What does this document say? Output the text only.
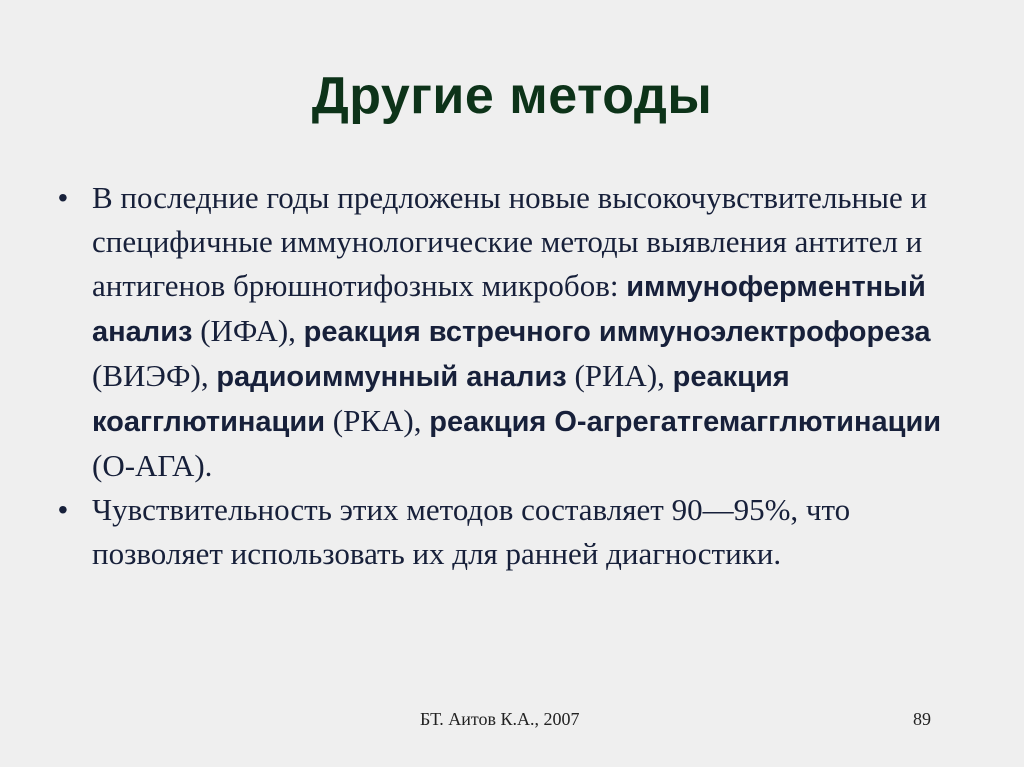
Другие методы
• В последние годы предложены новые высокочувствительные и специфичные иммунологические методы выявления антител и антигенов брюшнотифозных микробов: иммуноферментный анализ (ИФА), реакция встречного иммуноэлектрофореза (ВИЭФ), радиоиммунный анализ (РИА), реакция коагглютинации (РКА), реакция О-агрегатгемагглютинации (О-АГА).
• Чувствительность этих методов составляет 90—95%, что позволяет использовать их для ранней диагностики.
БТ. Аитов К.А., 2007	89
